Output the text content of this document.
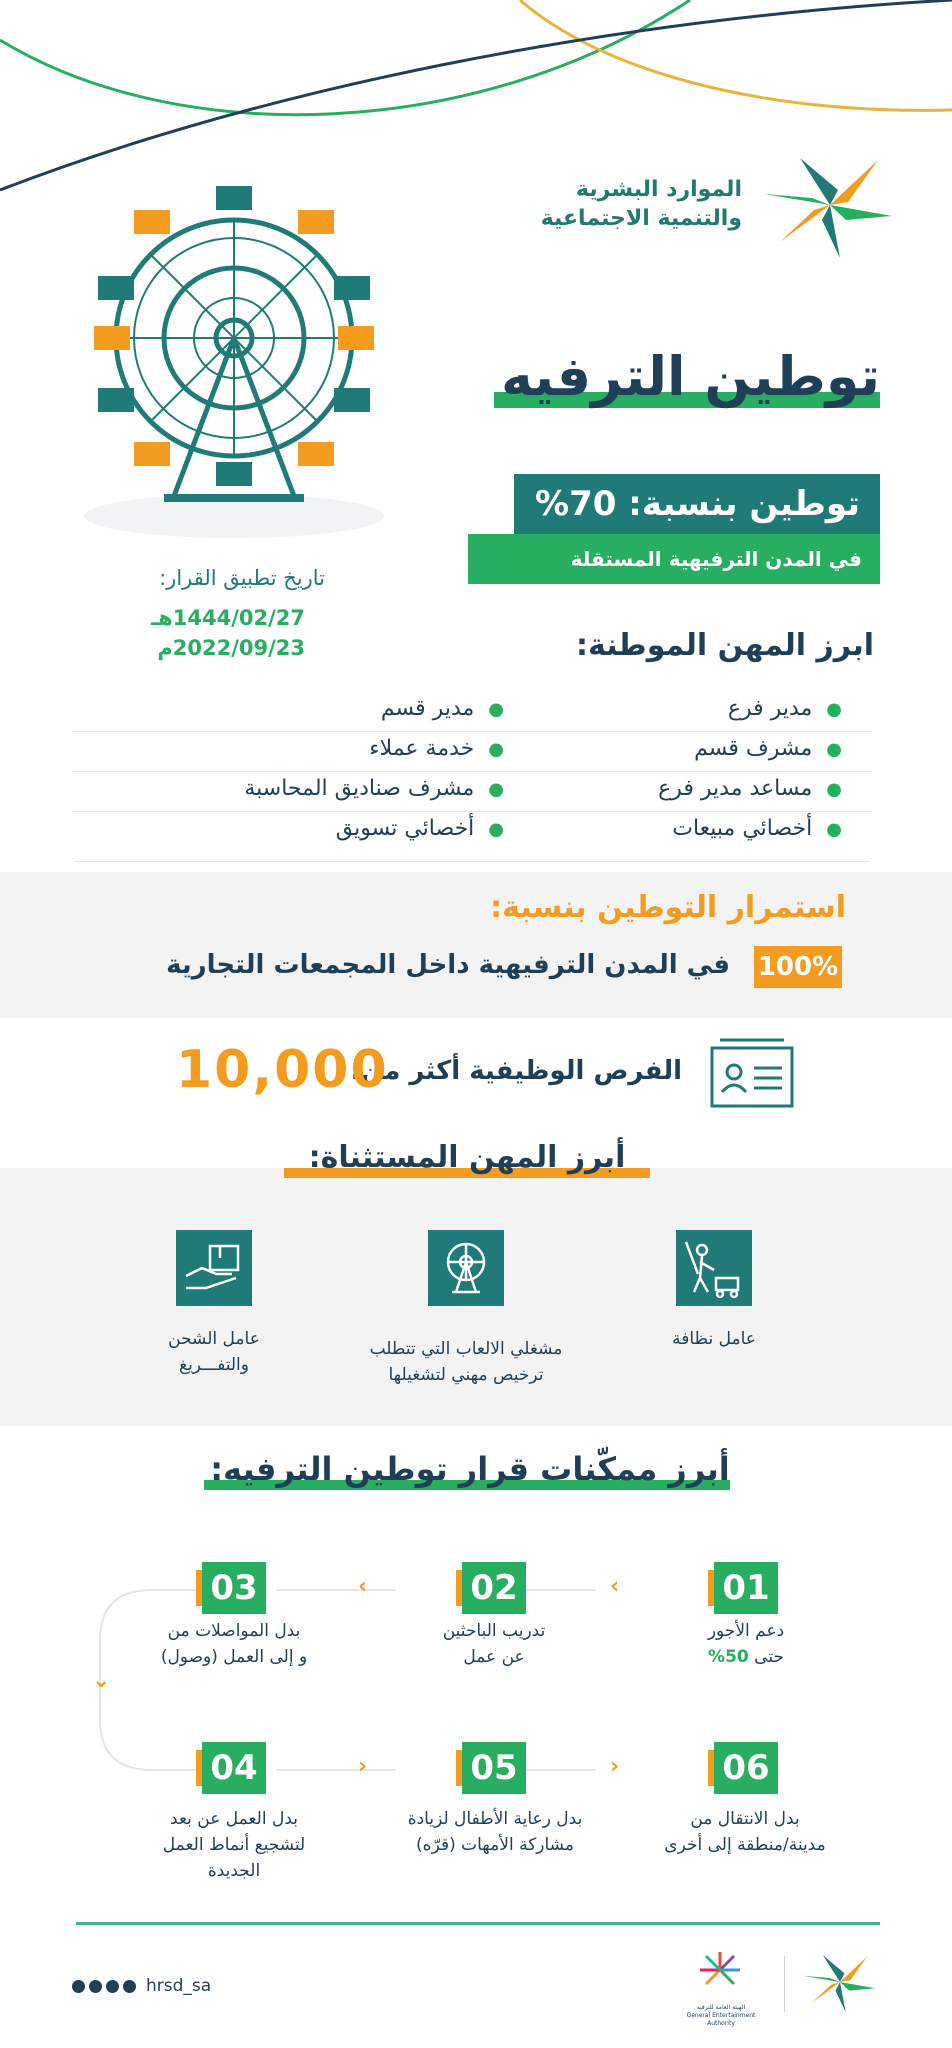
الموارد البشرية
والتنمية الاجتماعية
توطين الترفيه
توطين بنسبة: 70%
في المدن الترفيهية المستقلة والموسمية
تاريخ تطبيق القرار:
1444/02/27هـ
2022/09/23م	ابرز المهن الموطنة:
●مدير فرع
●مشرف قسم
●مساعد مدير فرع
●أخصائي مبيعات
●مدير قسم
●خدمة عملاء
●مشرف صناديق المحاسبة
●أخصائي تسويق
استمرار التوطين بنسبة:
100%
في المدن الترفيهية داخل المجمعات التجارية
الفرص الوظيفية أكثر من:
10,000
أبرز المهن المستثناة:
عامل نظافة
مشغلي الالعاب التي تتطلب
ترخيص مهني لتشغيلها
عامل الشحن
والتفـــريغ
أبرز ممكّنات قرار توطين الترفيه:
01
دعم الأجور
حتى 50%
02
تدريب الباحثين
عن عمل
03
بدل المواصلات من
و إلى العمل (وصول)
‹
‹
⌄
›	›
04
بدل العمل عن بعد
لتشجيع أنماط العمل
الجديدة
05
بدل رعاية الأطفال لزيادة
مشاركة الأمهات (قرّه)
06
بدل الانتقال من
مدينة/منطقة إلى أخرى
hrsd_sa
الهيئة العامة للترفيه
General Entertainment Authority
